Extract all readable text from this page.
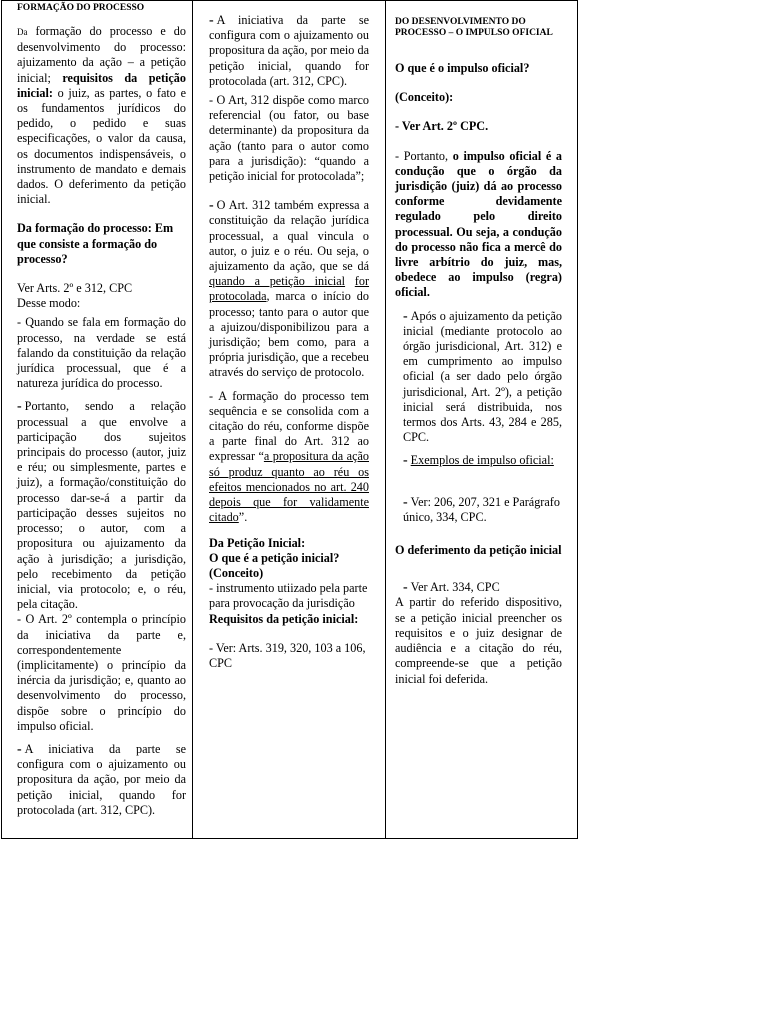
FORMAÇÃO DO PROCESSO

Da formação do processo e do desenvolvimento do processo: ajuizamento da ação – a petição inicial; requisitos da petição inicial: o juiz, as partes, o fato e os fundamentos jurídicos do pedido, o pedido e suas especificações, o valor da causa, os documentos indispensáveis, o instrumento de mandato e demais dados. O deferimento da petição inicial.

Da formação do processo: Em que consiste a formação do processo?

Ver Arts. 2º e 312, CPC

Desse modo:

- Quando se fala em formação do processo, na verdade se está falando da constituição da relação jurídica processual, que é a natureza jurídica do processo.

- Portanto, sendo a relação processual a que envolve a participação dos sujeitos principais do processo (autor, juiz e réu; ou simplesmente, partes e juiz), a formação/constituição do processo dar-se-á a partir da participação desses sujeitos no processo; o autor, com a propositura ou ajuizamento da ação à jurisdição; a jurisdição, pelo recebimento da petição inicial, via protocolo; e, o réu, pela citação.

- O Art. 2º contempla o princípio da iniciativa da parte e, correspondentemente (implicitamente) o princípio da inércia da jurisdição; e, quanto ao desenvolvimento do processo, dispõe sobre o princípio do impulso oficial.

- A iniciativa da parte se configura com o ajuizamento ou propositura da ação, por meio da petição inicial, quando for protocolada (art. 312, CPC).

- A iniciativa da parte se configura com o ajuizamento ou propositura da ação, por meio da petição inicial, quando for protocolada (art. 312, CPC).

- O Art, 312 dispõe como marco referencial (ou fator, ou base determinante) da propositura da ação (tanto para o autor como para a jurisdição): “quando a petição inicial for protocolada”;

- O Art. 312 também expressa a constituição da relação jurídica processual, a qual vincula o autor, o juiz e o réu. Ou seja, o ajuizamento da ação, que se dá quando a petição inicial for protocolada, marca o início do processo; tanto para o autor que a ajuizou/disponibilizou para a jurisdição; bem como, para a própria jurisdição, que a recebeu através do serviço de protocolo.

- A formação do processo tem sequência e se consolida com a citação do réu, conforme dispõe a parte final do Art. 312 ao expressar “a propositura da ação só produz quanto ao réu os efeitos mencionados no art. 240 depois que for validamente citado”.

Da Petição Inicial:

O que é a petição inicial?

(Conceito)

- instrumento utiizado pela parte para provocação da jurisdição

Requisitos da petição inicial:

- Ver: Arts. 319, 320, 103 a 106, CPC

DO DESENVOLVIMENTO DO PROCESSO – O IMPULSO OFICIAL

O que é o impulso oficial?

(Conceito):

- Ver Art. 2º CPC.

- Portanto, o impulso oficial é a condução que o órgão da jurisdição (juiz) dá ao processo conforme devidamente regulado pelo direito processual. Ou seja, a condução do processo não fica a mercê do livre arbítrio do juiz, mas, obedece ao impulso (regra) oficial.

- Após o ajuizamento da petição inicial (mediante protocolo ao órgão jurisdicional, Art. 312) e em cumprimento ao impulso oficial (a ser dado pelo órgão jurisdicional, Art. 2º), a petição inicial será distribuida, nos termos dos Arts. 43, 284 e 285, CPC.

- Exemplos de impulso oficial:

- Ver: 206, 207, 321 e Parágrafo único, 334, CPC.

O deferimento da petição inicial

- Ver Art. 334, CPC

A partir do referido dispositivo, se a petição inicial preencher os requisitos e o juiz designar de audiência e a citação do réu, compreende-se que a petição inicial foi deferida.
